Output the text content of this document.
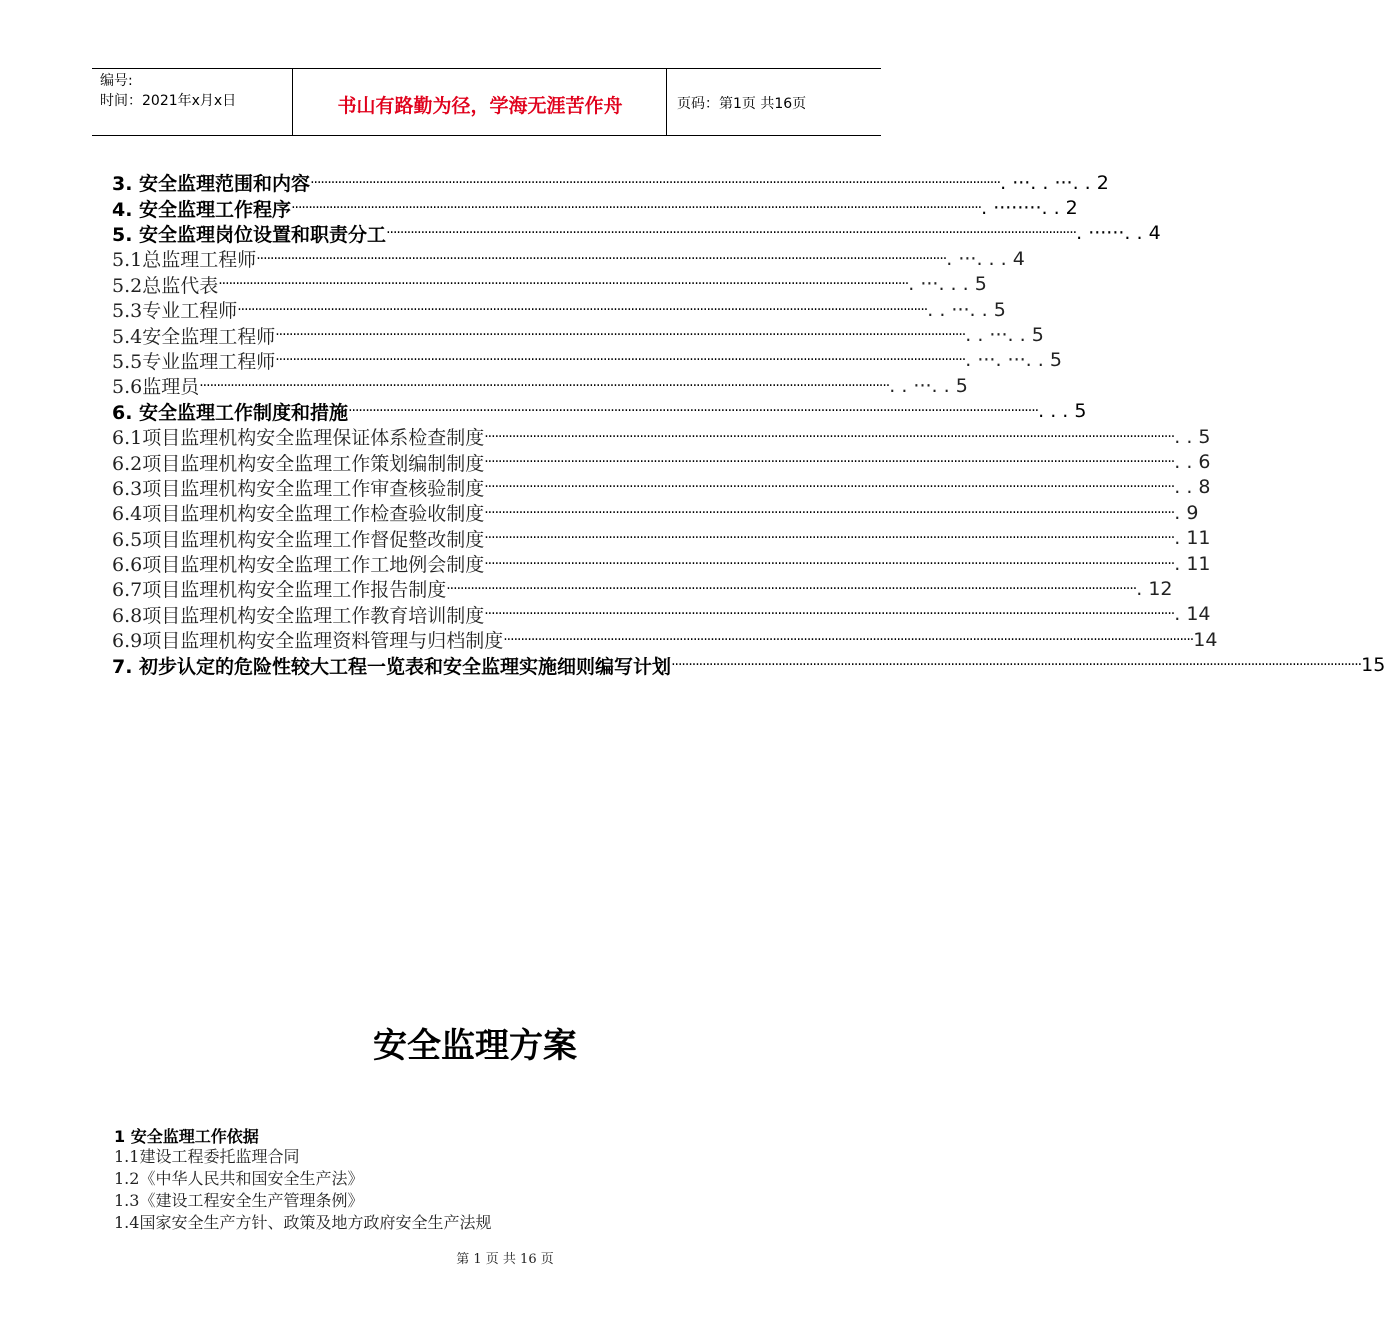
编号:
时间：2021年x月x日	书山有路勤为径，学海无涯苦作舟	页码：第1页 共16页
3. 安全监理范围和内容 ········································································································································································································ . ···. . ···. . 2
4. 安全监理工作程序 ········································································································································································································ . ········. . 2
5. 安全监理岗位设置和职责分工 ········································································································································································································ . ······. . 4
5.1总监理工程师 ········································································································································································································ . ···. . . 4
5.2总监代表 ········································································································································································································ . ···. . . 5
5.3专业工程师 ········································································································································································································ . . ···. . 5
5.4安全监理工程师 ········································································································································································································ . . ···. . 5
5.5专业监理工程师 ········································································································································································································ . ···. ···. . 5
5.6监理员 ········································································································································································································ . . ···. . 5
6. 安全监理工作制度和措施 ········································································································································································································ . . . 5
6.1项目监理机构安全监理保证体系检查制度 ········································································································································································································ . . 5
6.2项目监理机构安全监理工作策划编制制度 ········································································································································································································ . . 6
6.3项目监理机构安全监理工作审查核验制度 ········································································································································································································ . . 8
6.4项目监理机构安全监理工作检查验收制度 ········································································································································································································ . 9
6.5项目监理机构安全监理工作督促整改制度 ········································································································································································································ . 11
6.6项目监理机构安全监理工作工地例会制度 ········································································································································································································ . 11
6.7项目监理机构安全监理工作报告制度 ········································································································································································································ . 12
6.8项目监理机构安全监理工作教育培训制度 ········································································································································································································ . 14
6.9项目监理机构安全监理资料管理与归档制度 ········································································································································································································ 14
7. 初步认定的危险性较大工程一览表和安全监理实施细则编写计划 ········································································································································································································ 15
安全监理方案
1 安全监理工作依据
1.1建设工程委托监理合同
1.2《中华人民共和国安全生产法》
1.3《建设工程安全生产管理条例》
1.4国家安全生产方针、政策及地方政府安全生产法规
第 1 页 共 16 页
